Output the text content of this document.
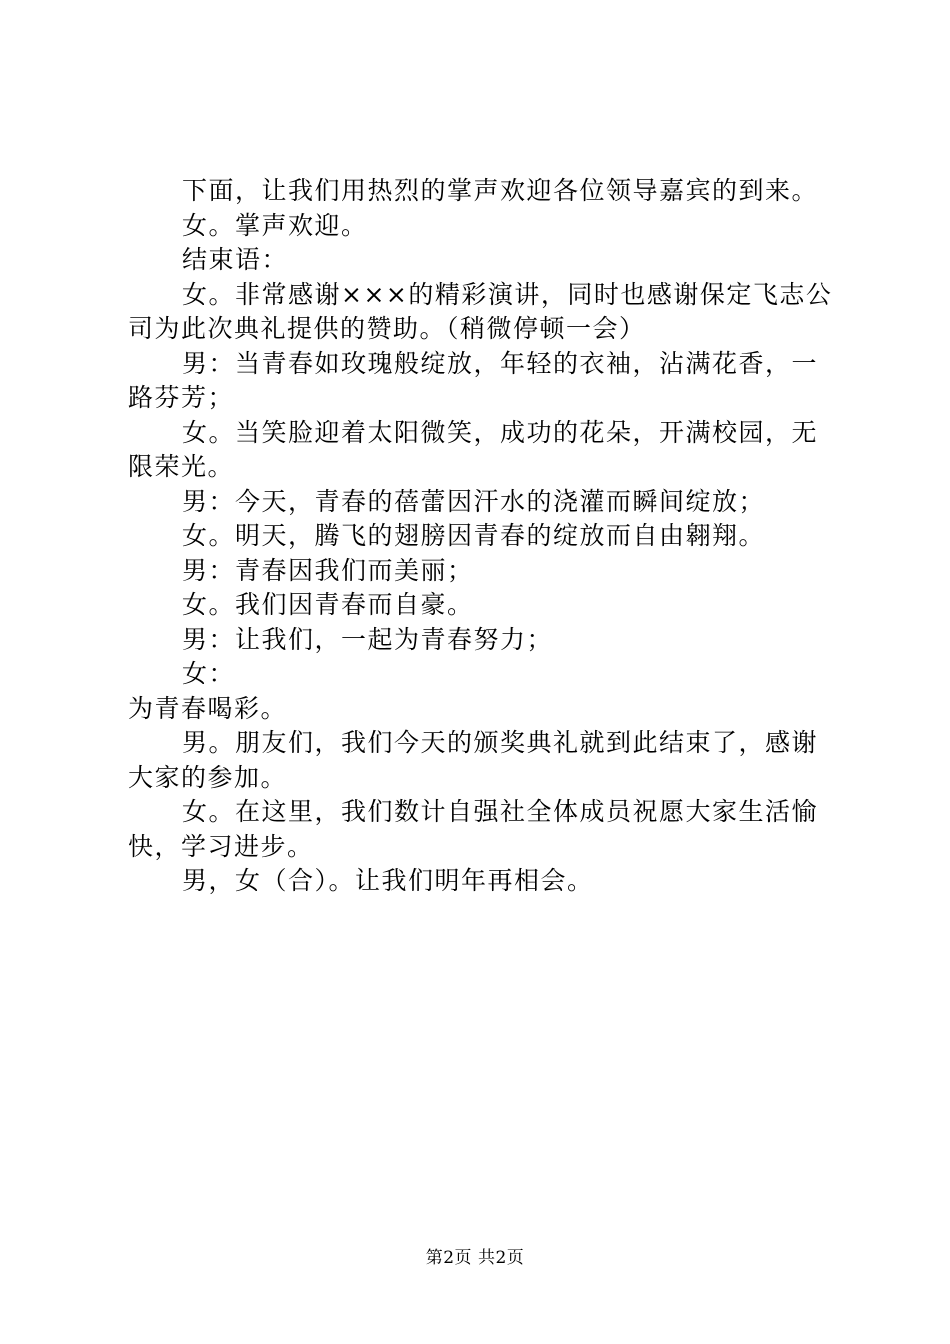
下面，让我们用热烈的掌声欢迎各位领导嘉宾的到来。

女。掌声欢迎。

结束语：

女。非常感谢×××的精彩演讲，同时也感谢保定飞志公司为此次典礼提供的赞助。（稍微停顿一会）

男：当青春如玫瑰般绽放，年轻的衣袖，沾满花香，一路芬芳；

女。当笑脸迎着太阳微笑，成功的花朵，开满校园，无限荣光。

男：今天，青春的蓓蕾因汗水的浇灌而瞬间绽放；

女。明天，腾飞的翅膀因青春的绽放而自由翱翔。

男：青春因我们而美丽；

女。我们因青春而自豪。

男：让我们，一起为青春努力；

女：

为青春喝彩。

男。朋友们，我们今天的颁奖典礼就到此结束了，感谢大家的参加。

女。在这里，我们数计自强社全体成员祝愿大家生活愉快，学习进步。

男，女（合）。让我们明年再相会。

第2页 共2页
